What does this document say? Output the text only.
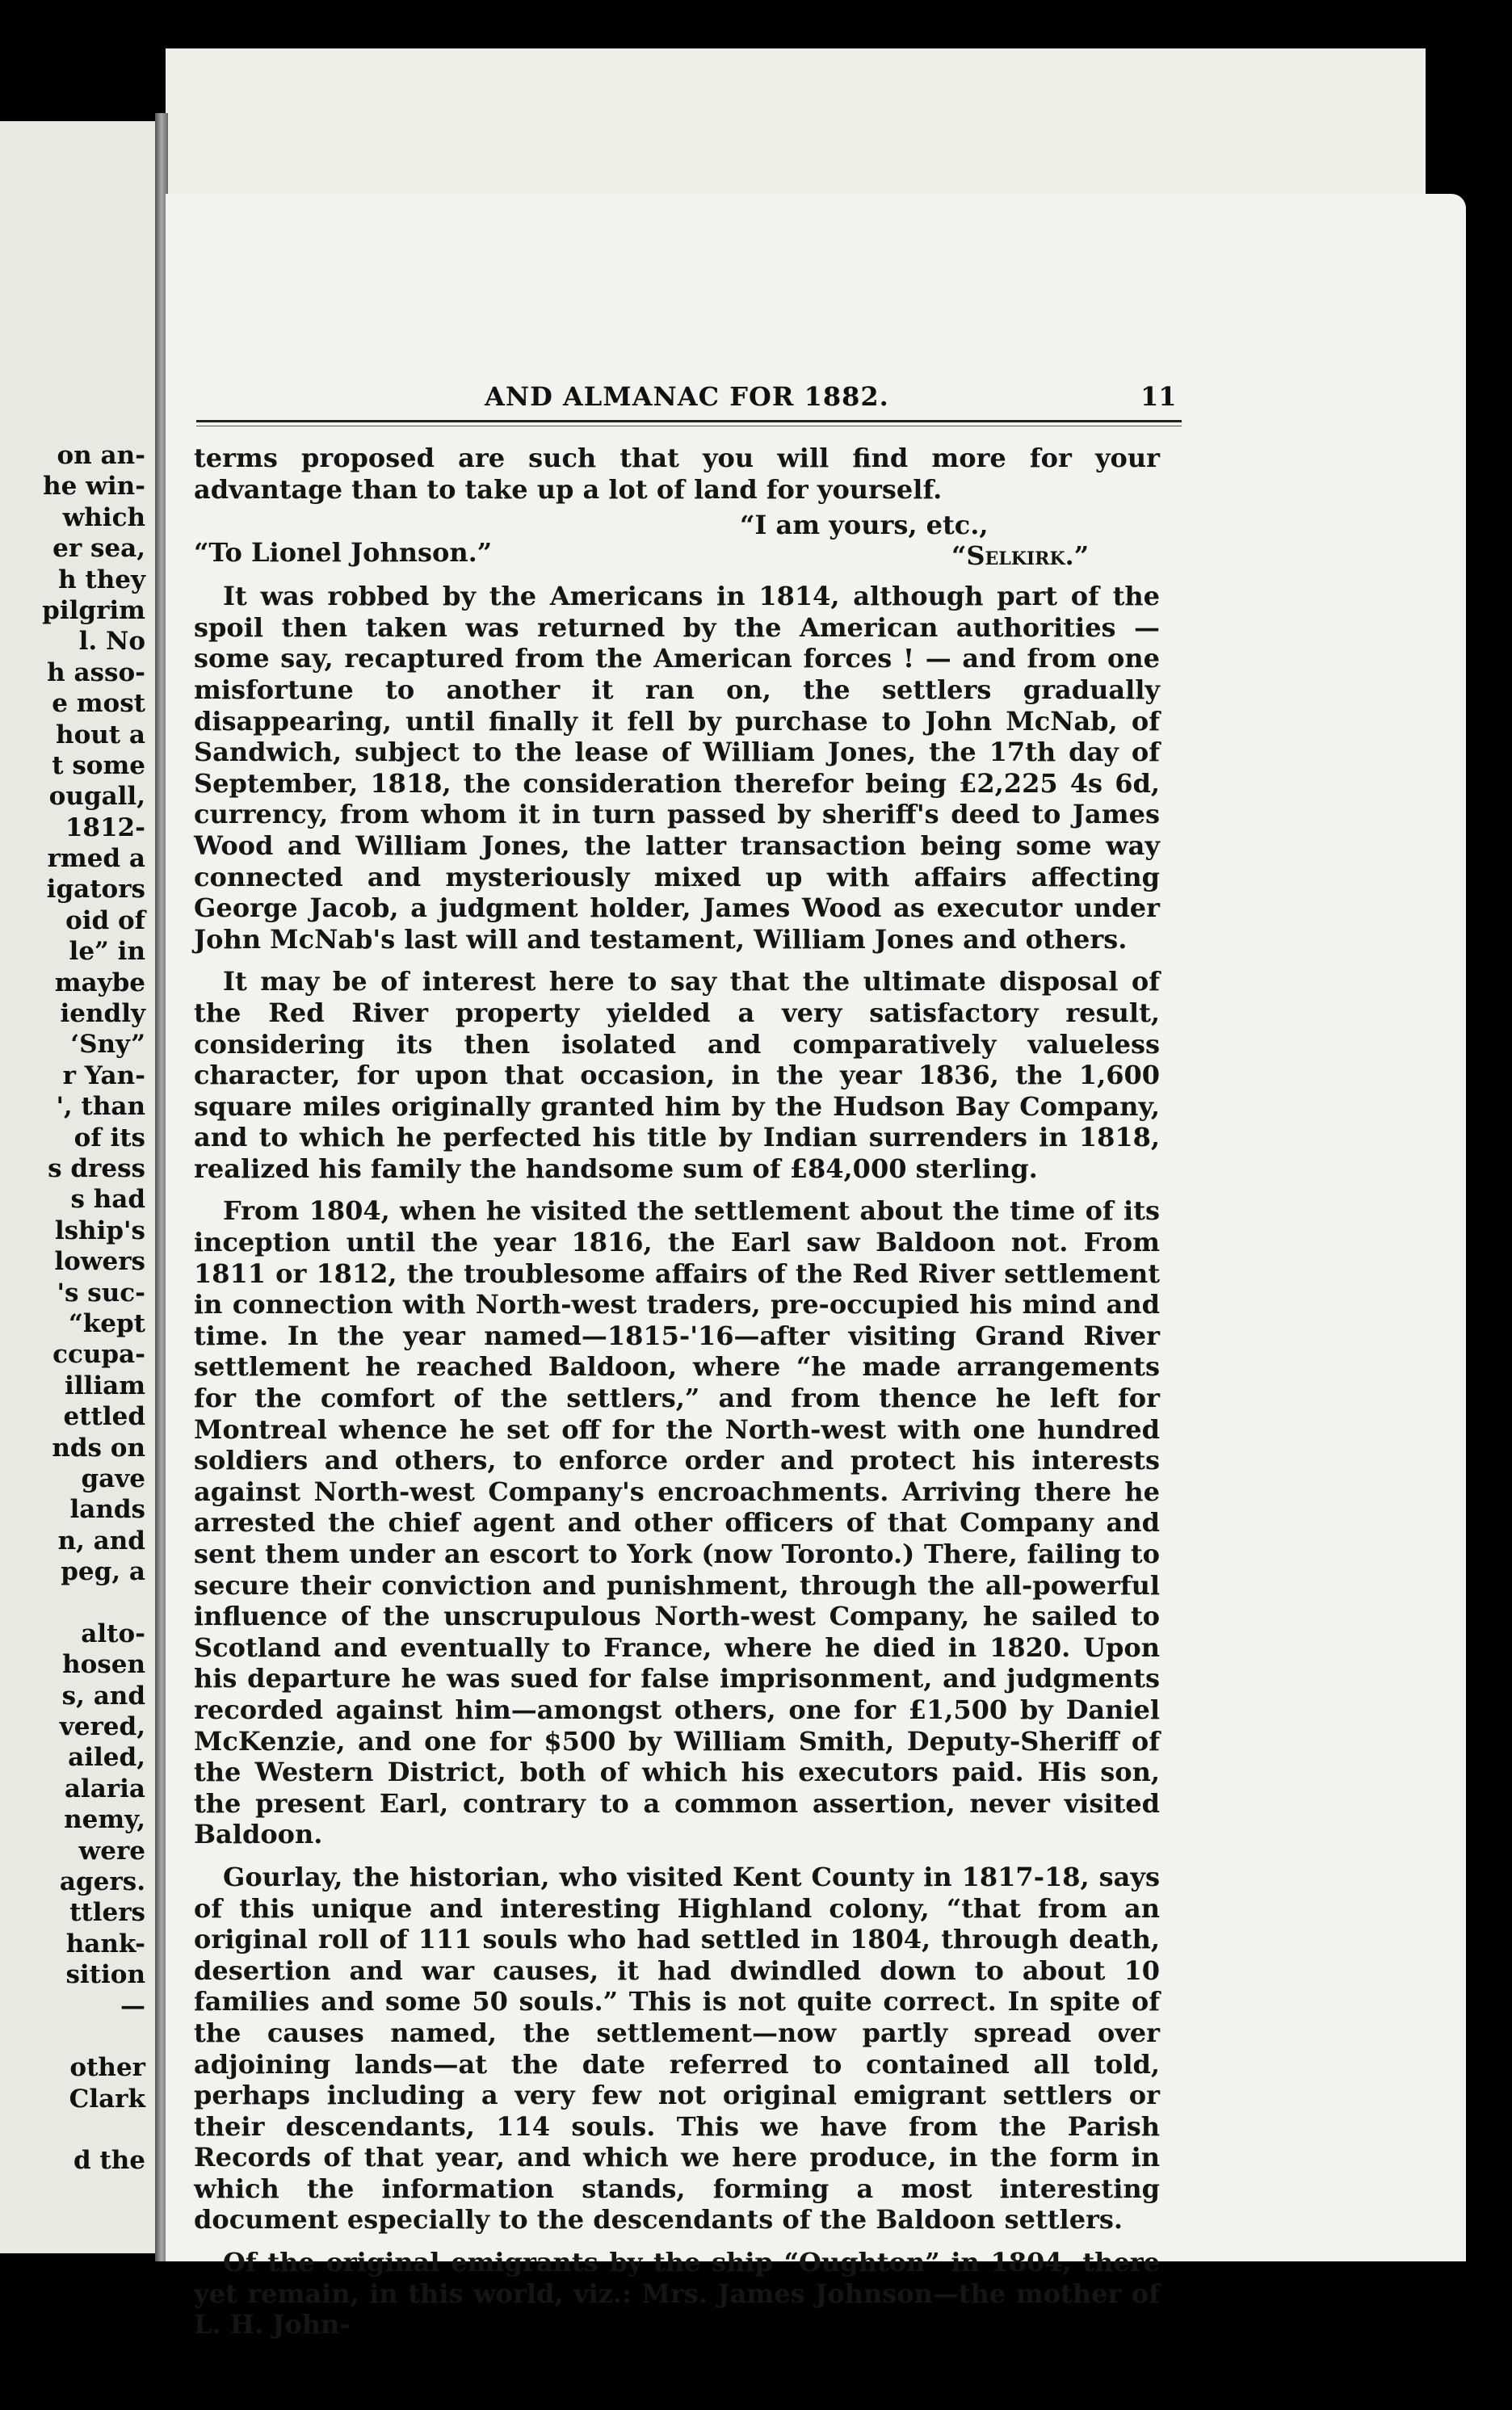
on an-
he win-
which
er sea,
h they
pilgrim
l. No
h asso-
e most
hout a
t some
ougall,
1812-
rmed a
igators
oid of
le” in
maybe
iendly
‘Sny”
r Yan-
', than
of its
s dress
s had
lship's
lowers
's suc-
“kept
ccupa-
illiam
ettled
nds on
gave
lands
n, and
peg, a
alto-
hosen
s, and
vered,
ailed,
alaria
nemy,
were
agers.
ttlers
hank-
sition
—
other
Clark
d the
AND ALMANAC FOR 1882.	11

terms proposed are such that you will find more for your advantage than to take up a lot of land for yourself.

“I am yours, etc.,
“To Lionel Johnson.”	“Selkirk.”

It was robbed by the Americans in 1814, although part of the spoil then taken was returned by the American authorities — some say, recaptured from the American forces ! — and from one misfortune to another it ran on, the settlers gradually disappearing, until finally it fell by purchase to John McNab, of Sandwich, subject to the lease of William Jones, the 17th day of September, 1818, the consideration therefor being £2,225 4s 6d, currency, from whom it in turn passed by sheriff's deed to James Wood and William Jones, the latter transaction being some way connected and mysteriously mixed up with affairs affecting George Jacob, a judgment holder, James Wood as executor under John McNab's last will and testament, William Jones and others.

It may be of interest here to say that the ultimate disposal of the Red River property yielded a very satisfactory result, considering its then isolated and comparatively valueless character, for upon that occasion, in the year 1836, the 1,600 square miles originally granted him by the Hudson Bay Company, and to which he perfected his title by Indian surrenders in 1818, realized his family the handsome sum of £84,000 sterling.

From 1804, when he visited the settlement about the time of its inception until the year 1816, the Earl saw Baldoon not. From 1811 or 1812, the troublesome affairs of the Red River settlement in connection with North-west traders, pre-occupied his mind and time. In the year named—1815-'16—after visiting Grand River settlement he reached Baldoon, where “he made arrangements for the comfort of the settlers,” and from thence he left for Montreal whence he set off for the North-west with one hundred soldiers and others, to enforce order and protect his interests against North-west Company's encroachments. Arriving there he arrested the chief agent and other officers of that Company and sent them under an escort to York (now Toronto.) There, failing to secure their conviction and punishment, through the all-powerful influence of the unscrupulous North-west Company, he sailed to Scotland and eventually to France, where he died in 1820. Upon his departure he was sued for false imprisonment, and judgments recorded against him—amongst others, one for £1,500 by Daniel McKenzie, and one for $500 by William Smith, Deputy-Sheriff of the Western District, both of which his executors paid. His son, the present Earl, contrary to a common assertion, never visited Baldoon.

Gourlay, the historian, who visited Kent County in 1817-18, says of this unique and interesting Highland colony, “that from an original roll of 111 souls who had settled in 1804, through death, desertion and war causes, it had dwindled down to about 10 families and some 50 souls.” This is not quite correct. In spite of the causes named, the settlement—now partly spread over adjoining lands—at the date referred to contained all told, perhaps including a very few not original emigrant settlers or their descendants, 114 souls. This we have from the Parish Records of that year, and which we here produce, in the form in which the information stands, forming a most interesting document especially to the descendants of the Baldoon settlers.

Of the original emigrants by the ship “Oughton” in 1804, there yet remain, in this world, viz.: Mrs. James Johnson—the mother of L. H. John-
